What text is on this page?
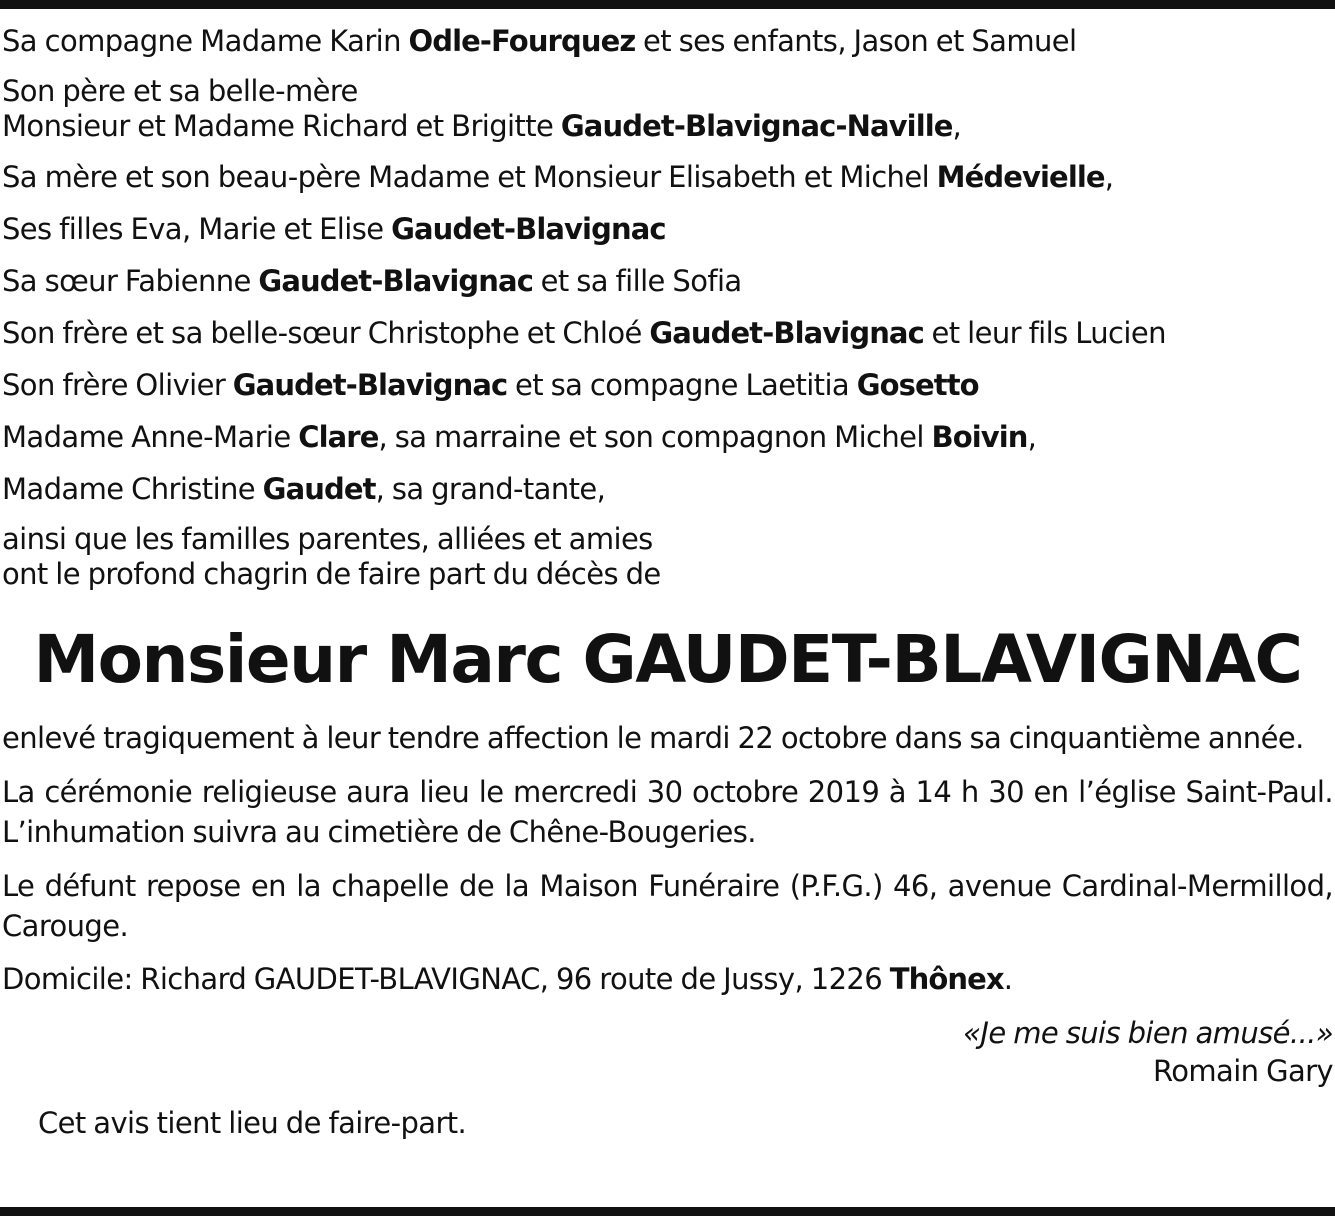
Sa compagne Madame Karin Odle-Fourquez et ses enfants, Jason et Samuel
Son père et sa belle-mère
Monsieur et Madame Richard et Brigitte Gaudet-Blavignac-Naville,
Sa mère et son beau-père Madame et Monsieur Elisabeth et Michel Médevielle,
Ses filles Eva, Marie et Elise Gaudet-Blavignac
Sa sœur Fabienne Gaudet-Blavignac et sa fille Sofia
Son frère et sa belle-sœur Christophe et Chloé Gaudet-Blavignac et leur fils Lucien
Son frère Olivier Gaudet-Blavignac et sa compagne Laetitia Gosetto
Madame Anne-Marie Clare, sa marraine et son compagnon Michel Boivin,
Madame Christine Gaudet, sa grand-tante,
ainsi que les familles parentes, alliées et amies
ont le profond chagrin de faire part du décès de
Monsieur Marc GAUDET-BLAVIGNAC
enlevé tragiquement à leur tendre affection le mardi 22 octobre dans sa cinquantième année.
La cérémonie religieuse aura lieu le mercredi 30 octobre 2019 à 14 h 30 en l’église Saint-Paul. L’inhumation suivra au cimetière de Chêne-Bougeries.
Le défunt repose en la chapelle de la Maison Funéraire (P.F.G.) 46, avenue Cardinal-Mermillod, Carouge.
Domicile: Richard GAUDET-BLAVIGNAC, 96 route de Jussy, 1226 Thônex.
«Je me suis bien amusé...»
Romain Gary
Cet avis tient lieu de faire-part.
